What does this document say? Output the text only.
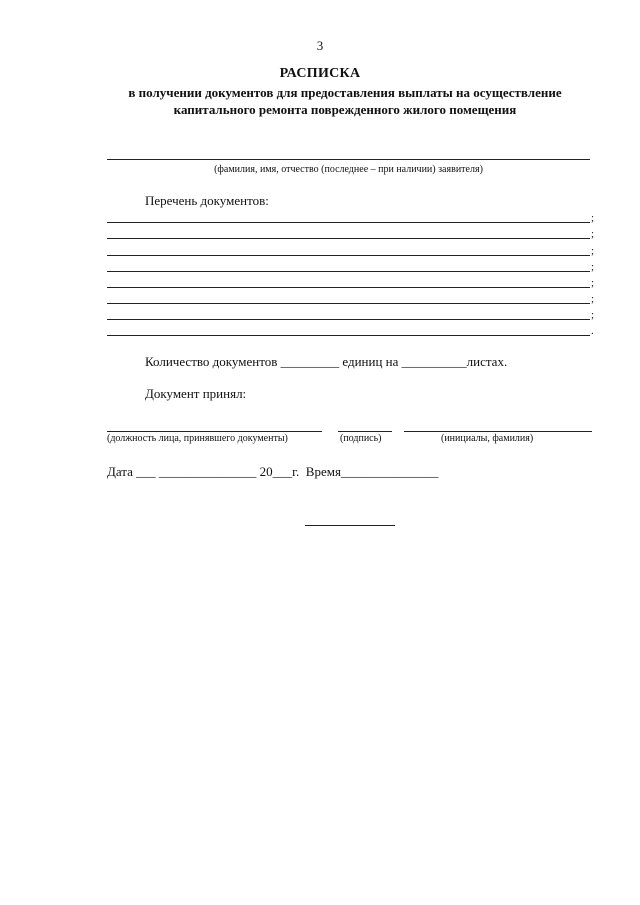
3
РАСПИСКА
в получении документов для предоставления выплаты на осуществление
капитального ремонта поврежденного жилого помещения
(фамилия, имя, отчество (последнее – при наличии) заявителя)
Перечень документов:
;
;
;
;
;
;
;
.
Количество документов _________ единиц на __________листах.
Документ принял:
(должность лица, принявшего документы)	(подпись)	(инициалы, фамилия)
Дата ___ _______________ 20___г.  Время_______________
